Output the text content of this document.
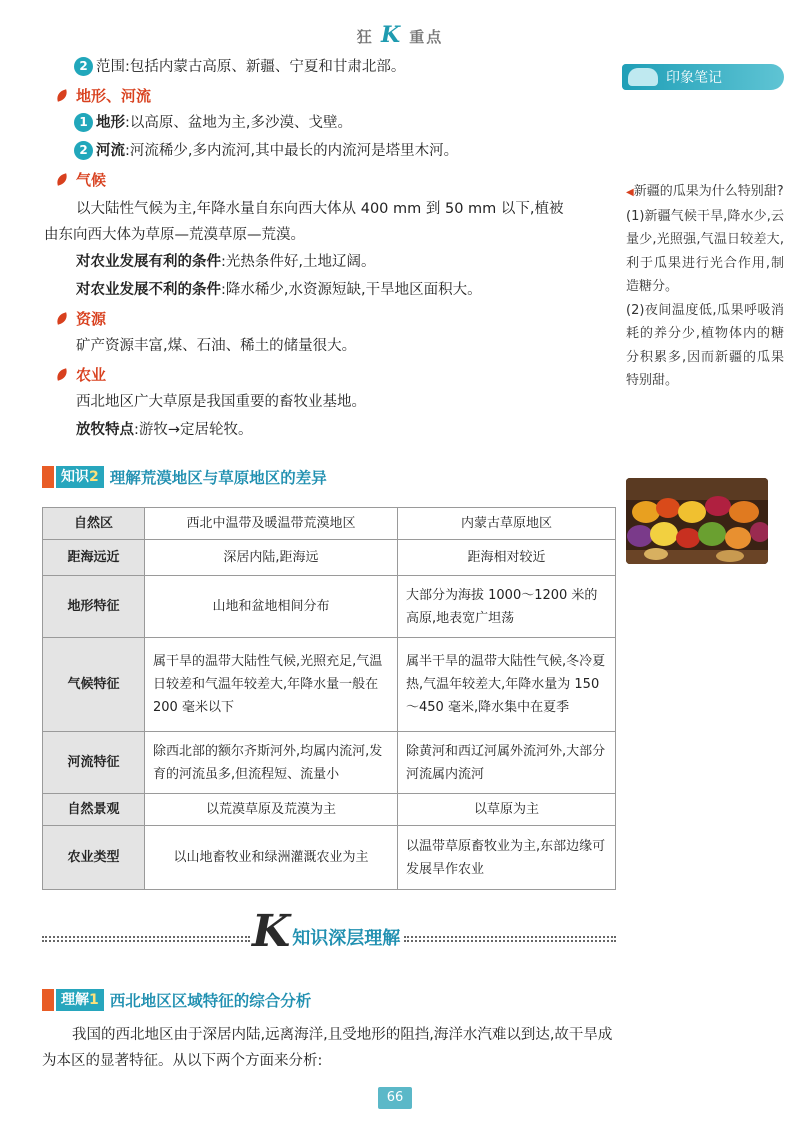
狂 K 重点
2 范围:包括内蒙古高原、新疆、宁夏和甘肃北部。
地形、河流
1 地形:以高原、盆地为主,多沙漠、戈壁。
2 河流:河流稀少,多内流河,其中最长的内流河是塔里木河。
气候
以大陆性气候为主,年降水量自东向西大体从 400 mm 到 50 mm 以下,植被
由东向西大体为草原—荒漠草原—荒漠。
对农业发展有利的条件:光热条件好,土地辽阔。
对农业发展不利的条件:降水稀少,水资源短缺,干旱地区面积大。
资源
矿产资源丰富,煤、石油、稀土的储量很大。
农业
西北地区广大草原是我国重要的畜牧业基地。
放牧特点:游牧→定居轮牧。
知识2 理解荒漠地区与草原地区的差异
自然区	西北中温带及暖温带荒漠地区	内蒙古草原地区
距海远近	深居内陆,距海远	距海相对较近
地形特征	山地和盆地相间分布	大部分为海拔 1000～1200 米的高原,地表宽广坦荡
气候特征	属干旱的温带大陆性气候,光照充足,气温日较差和气温年较差大,年降水量一般在 200 毫米以下	属半干旱的温带大陆性气候,冬冷夏热,气温年较差大,年降水量为 150～450 毫米,降水集中在夏季
河流特征	除西北部的额尔齐斯河外,均属内流河,发育的河流虽多,但流程短、流量小	除黄河和西辽河属外流河外,大部分河流属内流河
自然景观	以荒漠草原及荒漠为主	以草原为主
农业类型	以山地畜牧业和绿洲灌溉农业为主	以温带草原畜牧业为主,东部边缘可发展旱作农业
K 知识深层理解
理解1 西北地区区域特征的综合分析
我国的西北地区由于深居内陆,远离海洋,且受地形的阻挡,海洋水汽难以到达,故干旱成为本区的显著特征。从以下两个方面来分析:
66
印象笔记
◀新疆的瓜果为什么特别甜?
(1)新疆气候干旱,降水少,云量少,光照强,气温日较差大,利于瓜果进行光合作用,制造糖分。
(2)夜间温度低,瓜果呼吸消耗的养分少,植物体内的糖分积累多,因而新疆的瓜果特别甜。
